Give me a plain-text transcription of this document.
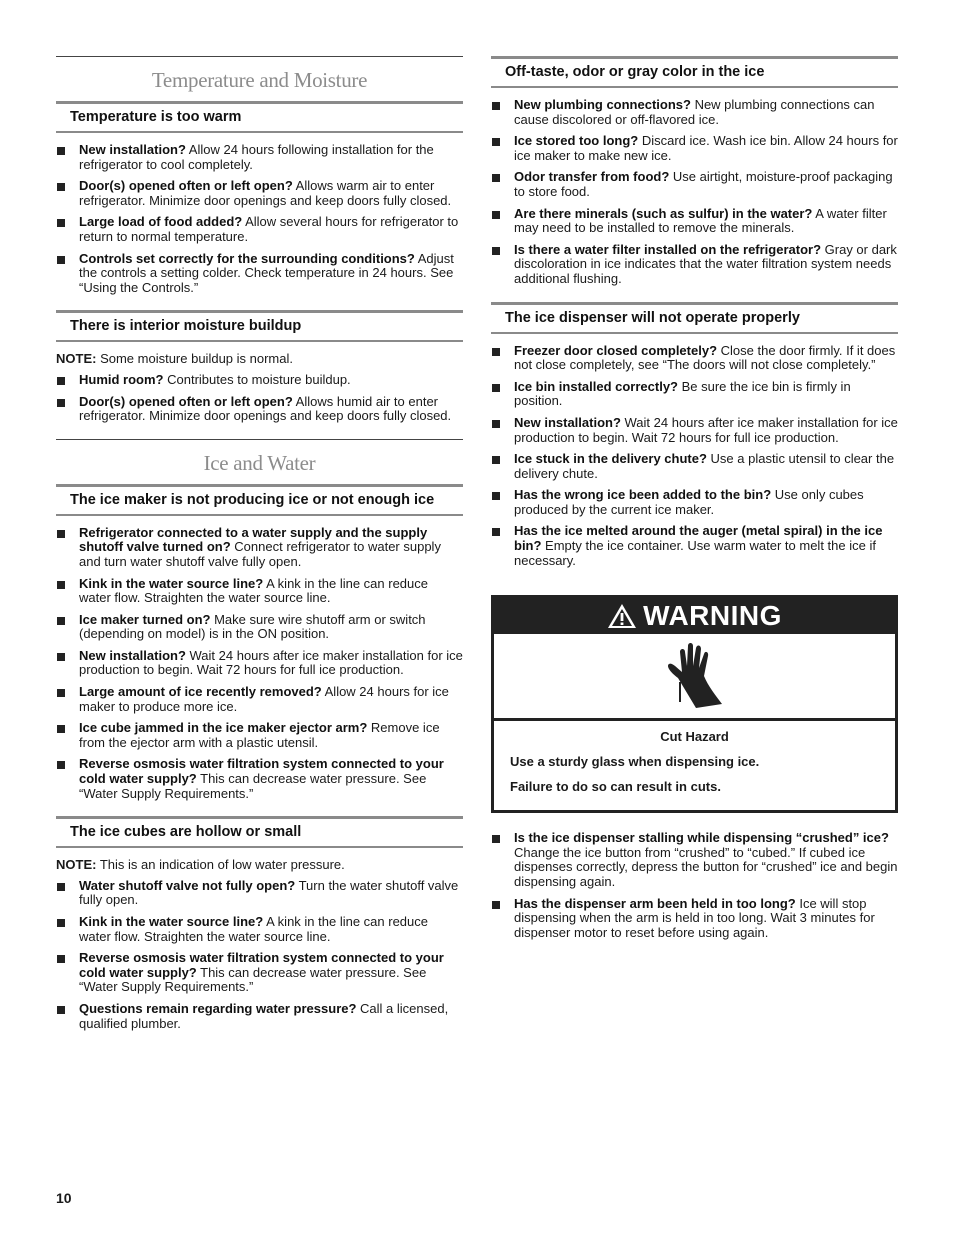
Temperature and Moisture
Temperature is too warm
New installation? Allow 24 hours following installation for the refrigerator to cool completely.
Door(s) opened often or left open? Allows warm air to enter refrigerator. Minimize door openings and keep doors fully closed.
Large load of food added? Allow several hours for refrigerator to return to normal temperature.
Controls set correctly for the surrounding conditions? Adjust the controls a setting colder. Check temperature in 24 hours. See “Using the Controls.”
There is interior moisture buildup
NOTE: Some moisture buildup is normal.
Humid room? Contributes to moisture buildup.
Door(s) opened often or left open? Allows humid air to enter refrigerator. Minimize door openings and keep doors fully closed.
Ice and Water
The ice maker is not producing ice or not enough ice
Refrigerator connected to a water supply and the supply shutoff valve turned on? Connect refrigerator to water supply and turn water shutoff valve fully open.
Kink in the water source line? A kink in the line can reduce water flow. Straighten the water source line.
Ice maker turned on? Make sure wire shutoff arm or switch (depending on model) is in the ON position.
New installation? Wait 24 hours after ice maker installation for ice production to begin. Wait 72 hours for full ice production.
Large amount of ice recently removed? Allow 24 hours for ice maker to produce more ice.
Ice cube jammed in the ice maker ejector arm? Remove ice from the ejector arm with a plastic utensil.
Reverse osmosis water filtration system connected to your cold water supply? This can decrease water pressure. See “Water Supply Requirements.”
The ice cubes are hollow or small
NOTE: This is an indication of low water pressure.
Water shutoff valve not fully open? Turn the water shutoff valve fully open.
Kink in the water source line? A kink in the line can reduce water flow. Straighten the water source line.
Reverse osmosis water filtration system connected to your cold water supply? This can decrease water pressure. See “Water Supply Requirements.”
Questions remain regarding water pressure? Call a licensed, qualified plumber.
Off-taste, odor or gray color in the ice
New plumbing connections? New plumbing connections can cause discolored or off-flavored ice.
Ice stored too long? Discard ice. Wash ice bin. Allow 24 hours for ice maker to make new ice.
Odor transfer from food? Use airtight, moisture-proof packaging to store food.
Are there minerals (such as sulfur) in the water? A water filter may need to be installed to remove the minerals.
Is there a water filter installed on the refrigerator? Gray or dark discoloration in ice indicates that the water filtration system needs additional flushing.
The ice dispenser will not operate properly
Freezer door closed completely? Close the door firmly. If it does not close completely, see “The doors will not close completely.”
Ice bin installed correctly? Be sure the ice bin is firmly in position.
New installation? Wait 24 hours after ice maker installation for ice production to begin. Wait 72 hours for full ice production.
Ice stuck in the delivery chute? Use a plastic utensil to clear the delivery chute.
Has the wrong ice been added to the bin? Use only cubes produced by the current ice maker.
Has the ice melted around the auger (metal spiral) in the ice bin? Empty the ice container. Use warm water to melt the ice if necessary.
WARNING
Cut Hazard
Use a sturdy glass when dispensing ice.
Failure to do so can result in cuts.
Is the ice dispenser stalling while dispensing “crushed” ice? Change the ice button from “crushed” to “cubed.” If cubed ice dispenses correctly, depress the button for “crushed” ice and begin dispensing again.
Has the dispenser arm been held in too long? Ice will stop dispensing when the arm is held in too long. Wait 3 minutes for dispenser motor to reset before using again.
10
